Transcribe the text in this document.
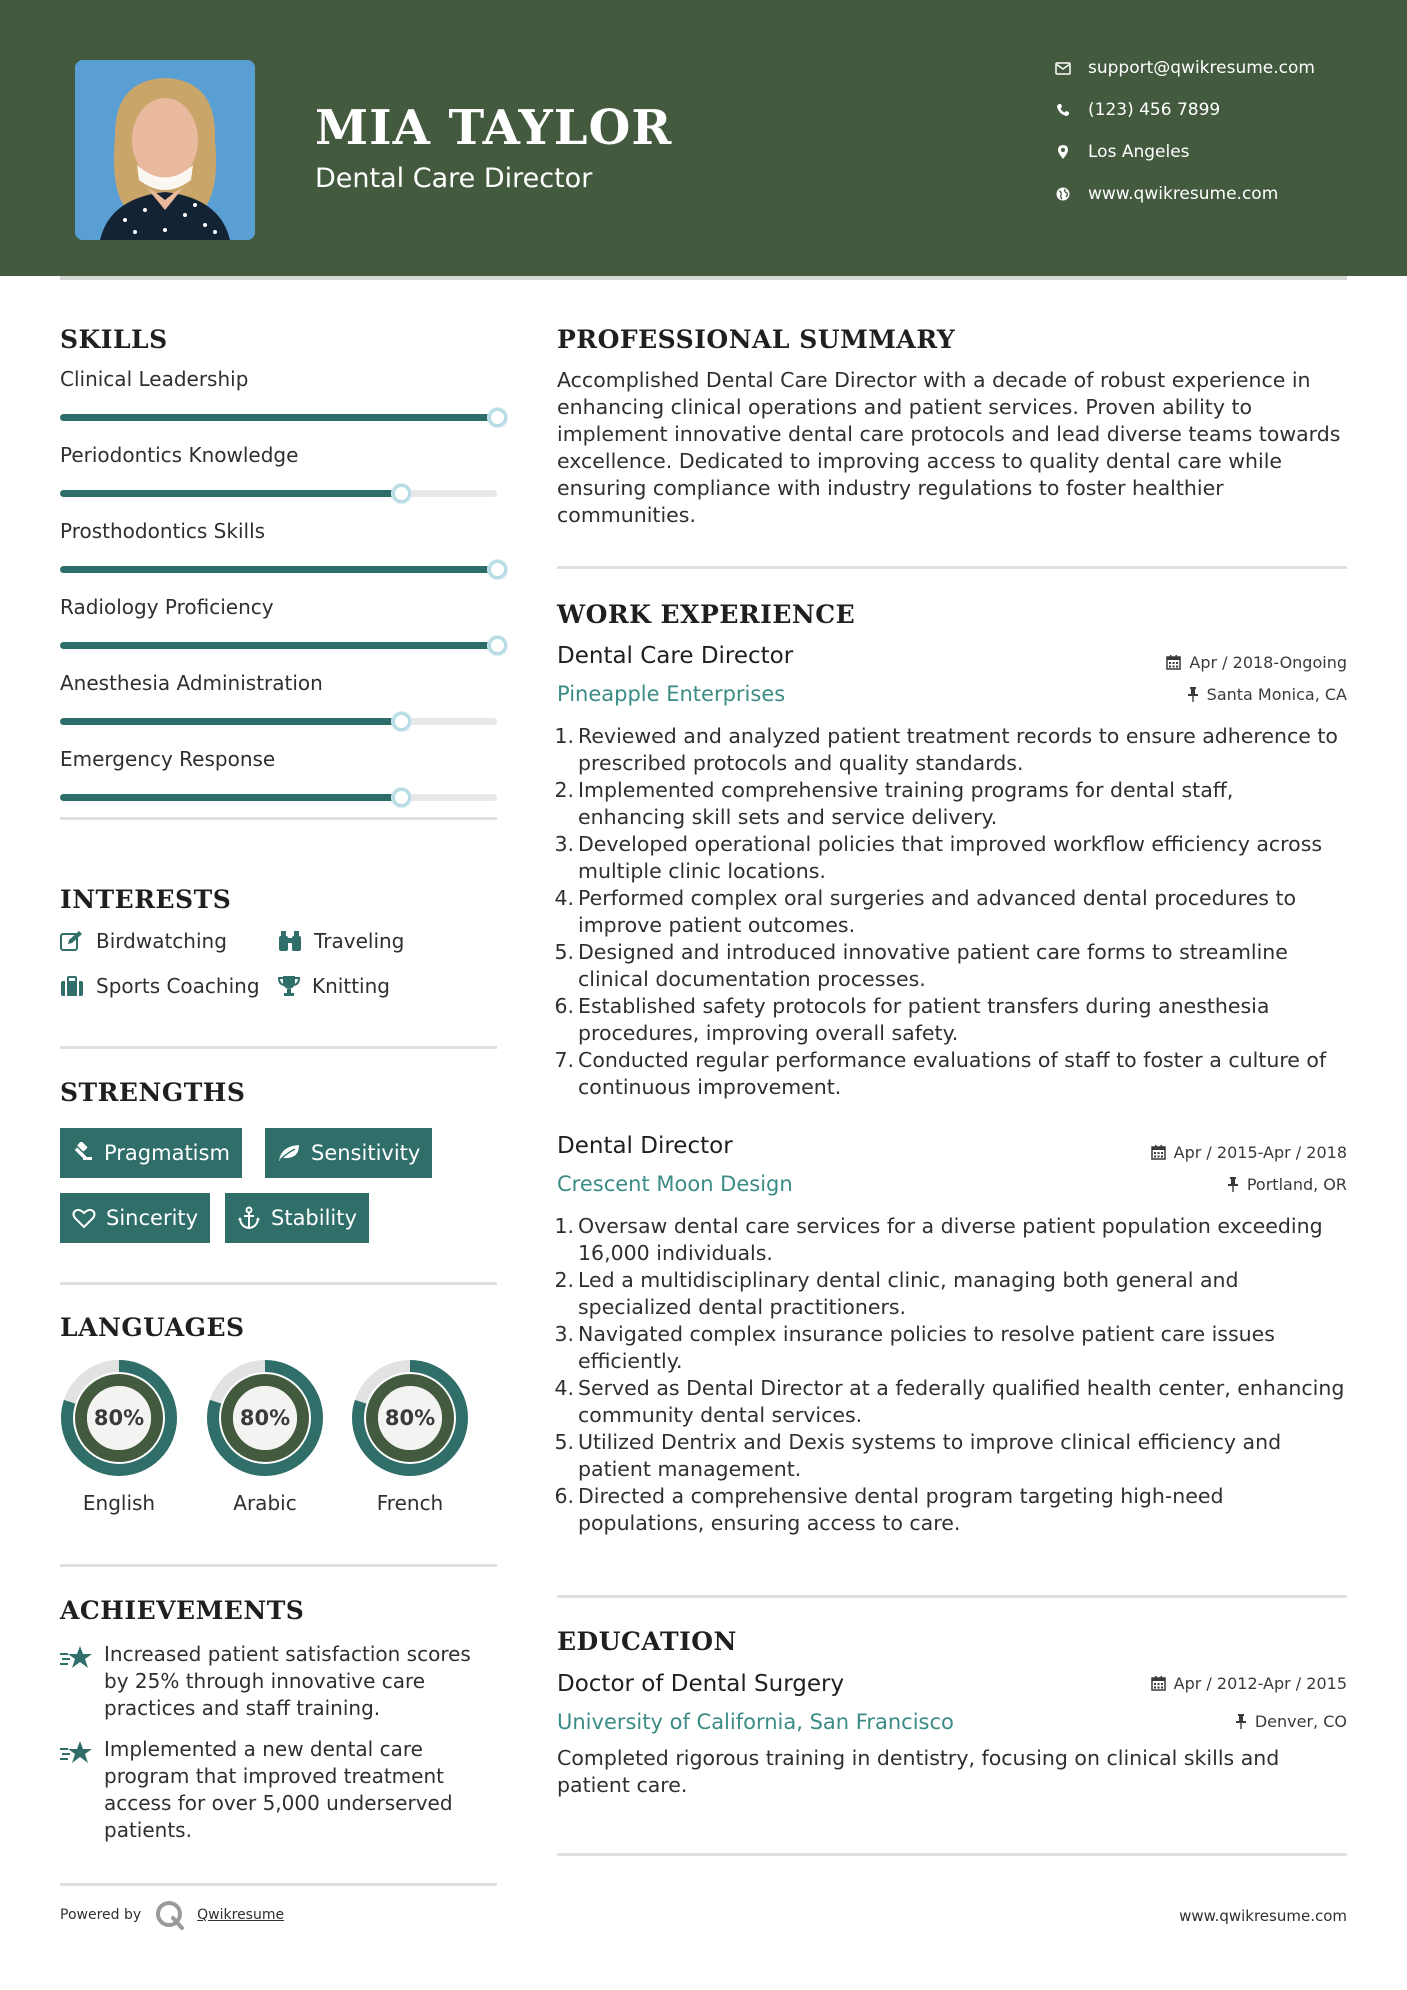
MIA TAYLOR
Dental Care Director
support@qwikresume.com
(123) 456 7899
Los Angeles
www.qwikresume.com
SKILLS
Clinical Leadership
Periodontics Knowledge
Prosthodontics Skills
Radiology Proficiency
Anesthesia Administration
Emergency Response
INTERESTS
Birdwatching	Traveling
Sports Coaching	Knitting
STRENGTHS
Pragmatism	Sensitivity
Sincerity	Stability
LANGUAGES
80%
English
80%
Arabic
80%
French
ACHIEVEMENTS
Increased patient satisfaction scores by 25% through innovative care practices and staff training.
Implemented a new dental care program that improved treatment access for over 5,000 underserved patients.
PROFESSIONAL SUMMARY
Accomplished Dental Care Director with a decade of robust experience in enhancing clinical operations and patient services. Proven ability to implement innovative dental care protocols and lead diverse teams towards excellence. Dedicated to improving access to quality dental care while ensuring compliance with industry regulations to foster healthier communities.
WORK EXPERIENCE
Dental Care Director
Pineapple Enterprises
Apr / 2018-Ongoing
Santa Monica, CA
1. Reviewed and analyzed patient treatment records to ensure adherence to prescribed protocols and quality standards.
2. Implemented comprehensive training programs for dental staff, enhancing skill sets and service delivery.
3. Developed operational policies that improved workflow efficiency across multiple clinic locations.
4. Performed complex oral surgeries and advanced dental procedures to improve patient outcomes.
5. Designed and introduced innovative patient care forms to streamline clinical documentation processes.
6. Established safety protocols for patient transfers during anesthesia procedures, improving overall safety.
7. Conducted regular performance evaluations of staff to foster a culture of continuous improvement.
Dental Director
Crescent Moon Design
Apr / 2015-Apr / 2018
Portland, OR
1. Oversaw dental care services for a diverse patient population exceeding 16,000 individuals.
2. Led a multidisciplinary dental clinic, managing both general and specialized dental practitioners.
3. Navigated complex insurance policies to resolve patient care issues efficiently.
4. Served as Dental Director at a federally qualified health center, enhancing community dental services.
5. Utilized Dentrix and Dexis systems to improve clinical efficiency and patient management.
6. Directed a comprehensive dental program targeting high-need populations, ensuring access to care.
EDUCATION
Doctor of Dental Surgery
University of California, San Francisco
Apr / 2012-Apr / 2015
Denver, CO
Completed rigorous training in dentistry, focusing on clinical skills and patient care.
Powered by	Qwikresume	www.qwikresume.com
